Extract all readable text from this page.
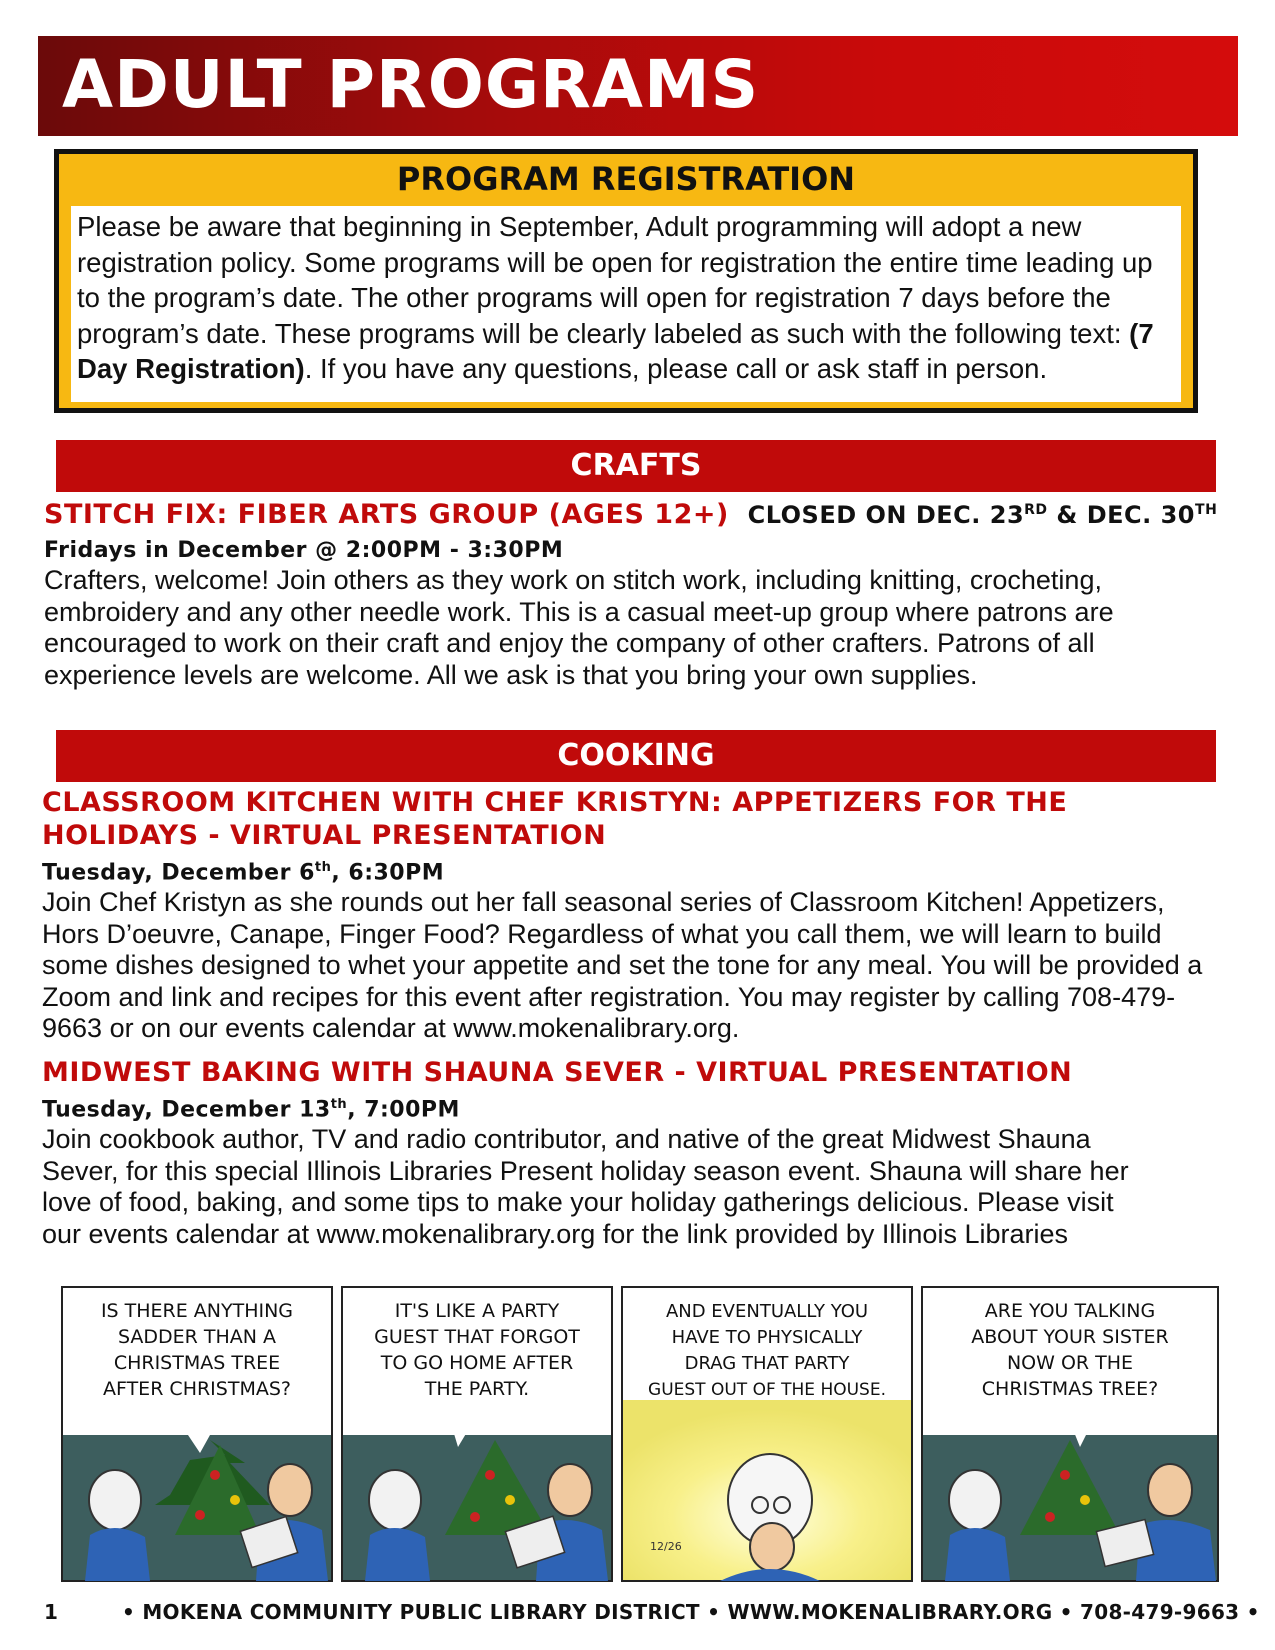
ADULT PROGRAMS
PROGRAM REGISTRATION
Please be aware that beginning in September, Adult programming will adopt a new registration policy. Some programs will be open for registration the entire time leading up to the program’s date. The other programs will open for registration 7 days before the program’s date. These programs will be clearly labeled as such with the following text: (7 Day Registration). If you have any questions, please call or ask staff in person.
CRAFTS
STITCH FIX: FIBER ARTS GROUP (AGES 12+) CLOSED ON DEC. 23RD & DEC. 30TH
Fridays in December @ 2:00PM - 3:30PM
Crafters, welcome! Join others as they work on stitch work, including knitting, crocheting, embroidery and any other needle work. This is a casual meet-up group where patrons are encouraged to work on their craft and enjoy the company of other crafters. Patrons of all experience levels are welcome. All we ask is that you bring your own supplies.
COOKING
CLASSROOM KITCHEN WITH CHEF KRISTYN: APPETIZERS FOR THE HOLIDAYS - VIRTUAL PRESENTATION
Tuesday, December 6th, 6:30PM
Join Chef Kristyn as she rounds out her fall seasonal series of Classroom Kitchen! Appetizers, Hors D’oeuvre, Canape, Finger Food? Regardless of what you call them, we will learn to build some dishes designed to whet your appetite and set the tone for any meal. You will be provided a Zoom and link and recipes for this event after registration. You may register by calling 708-479-9663 or on our events calendar at www.mokenalibrary.org.
MIDWEST BAKING WITH SHAUNA SEVER - VIRTUAL PRESENTATION
Tuesday, December 13th, 7:00PM
Join cookbook author, TV and radio contributor, and native of the great Midwest Shauna Sever, for this special Illinois Libraries Present holiday season event. Shauna will share her love of food, baking, and some tips to make your holiday gatherings delicious. Please visit our events calendar at www.mokenalibrary.org for the link provided by Illinois Libraries
12/26
IS THERE ANYTHING
SADDER THAN A
CHRISTMAS TREE
AFTER CHRISTMAS?
IT'S LIKE A PARTY
GUEST THAT FORGOT
TO GO HOME AFTER
THE PARTY.
AND EVENTUALLY YOU
HAVE TO PHYSICALLY
DRAG THAT PARTY
GUEST OUT OF THE HOUSE.
ARE YOU TALKING
ABOUT YOUR SISTER
NOW OR THE
CHRISTMAS TREE?
1	• MOKENA COMMUNITY PUBLIC LIBRARY DISTRICT • WWW.MOKENALIBRARY.ORG • 708-479-9663 •
